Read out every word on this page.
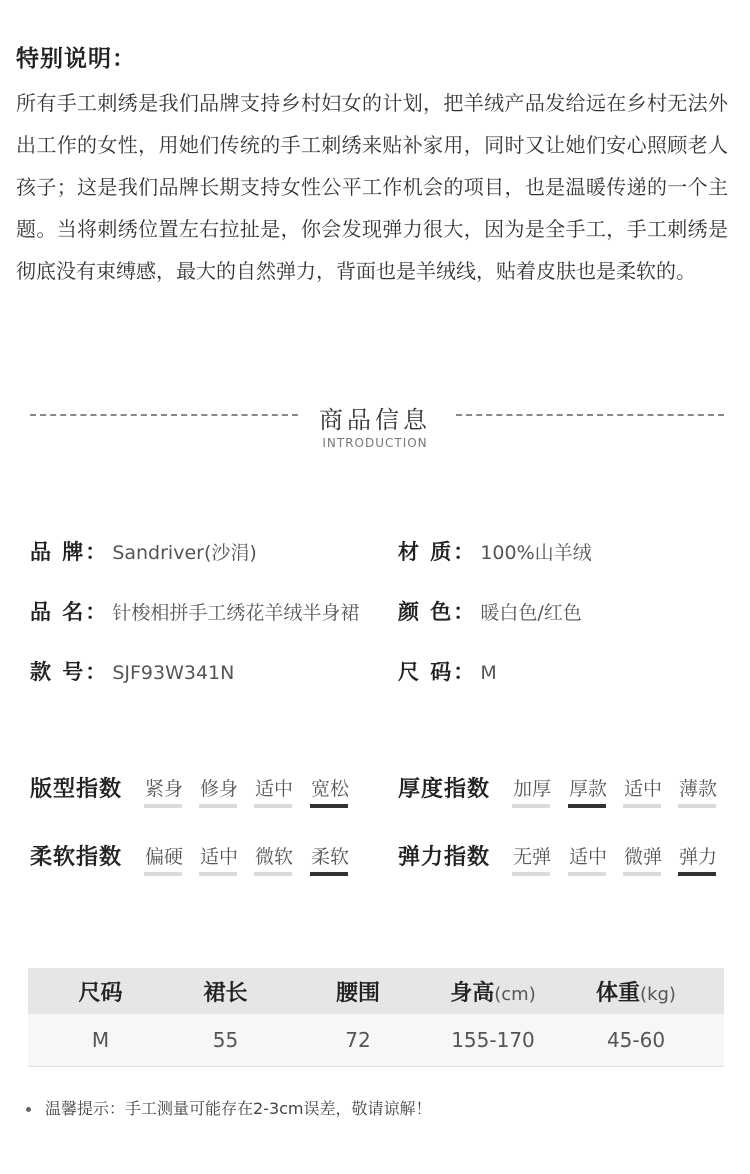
特别说明：
所有手工刺绣是我们品牌支持乡村妇女的计划，把羊绒产品发给远在乡村无法外出工作的女性，用她们传统的手工刺绣来贴补家用，同时又让她们安心照顾老人孩子；这是我们品牌长期支持女性公平工作机会的项目，也是温暖传递的一个主题。当将刺绣位置左右拉扯是，你会发现弹力很大，因为是全手工，手工刺绣是彻底没有束缚感，最大的自然弹力，背面也是羊绒线，贴着皮肤也是柔软的。
商品信息
INTRODUCTION
品 牌： Sandriver(沙涓)	材 质： 100%山羊绒
品 名： 针梭相拼手工绣花羊绒半身裙 颜 色： 暖白色/红色
款 号： SJF93W341N	尺 码： M
版型指数 紧身 修身 适中 宽松 厚度指数 加厚 厚款 适中 薄款
柔软指数 偏硬 适中 微软 柔软 弹力指数 无弹 适中 微弹 弹力
尺码	裙长	腰围	身高(cm)	体重(kg)
M	55	72	155-170	45-60
温馨提示：手工测量可能存在2-3cm误差，敬请谅解！
